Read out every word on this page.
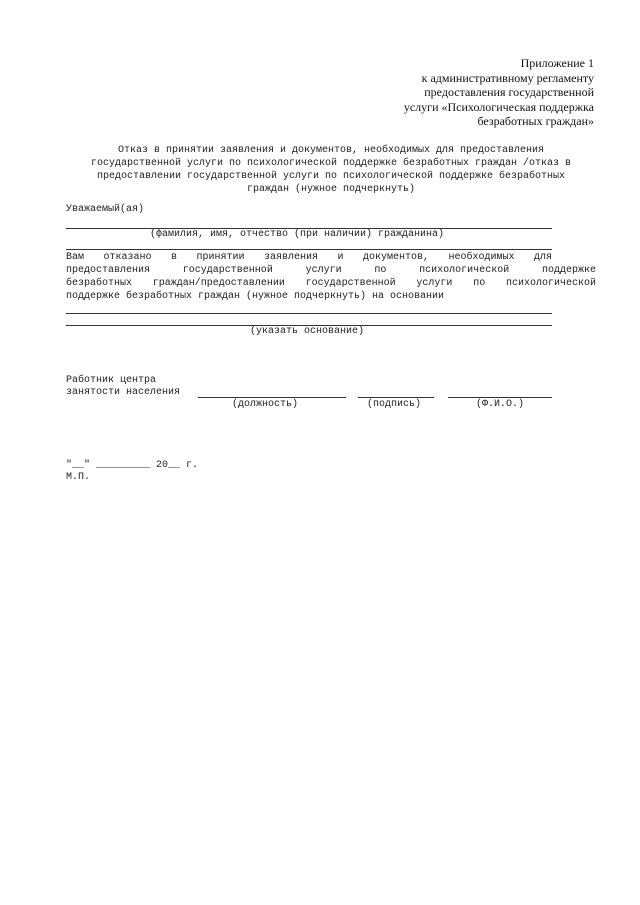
Приложение 1
к административному регламенту
предоставления государственной
услуги «Психологическая поддержка
безработных граждан»
Отказ в принятии заявления и документов, необходимых для предоставления
государственной услуги по психологической поддержке безработных граждан /отказ в
предоставлении государственной услуги по психологической поддержке безработных
граждан (нужное подчеркнуть)
Уважаемый(ая)
(фамилия, имя, отчество (при наличии) гражданина)
Вам отказано в принятии заявления и документов, необходимых для
предоставления государственной услуги по психологической поддержке
безработных граждан/предоставлении государственной услуги по психологической
поддержке безработных граждан (нужное подчеркнуть) на основании
(указать основание)
Работник центра
занятости населения
(должность)	(подпись)	(Ф.И.О.)
"__" _________ 20__ г.
М.П.
